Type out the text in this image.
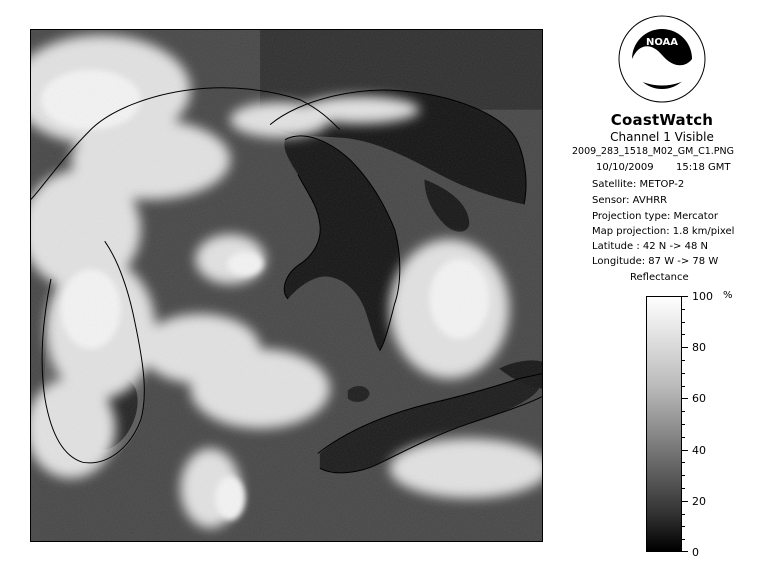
NOAA
CoastWatch
Channel 1 Visible
2009_283_1518_M02_GM_C1.PNG
10/10/2009 15:18 GMT
Satellite: METOP-2
Sensor: AVHRR
Projection type: Mercator
Map projection: 1.8 km/pixel
Latitude : 42 N -> 48 N
Longitude: 87 W -> 78 W
Reflectance
%
0
20
40
60
80
100
